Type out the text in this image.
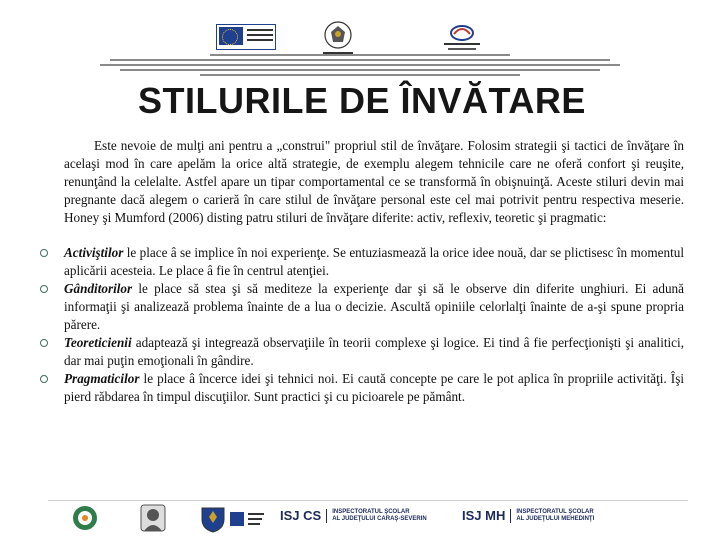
STILURILE DE ÎNVĂTARE

Este nevoie de mulţi ani pentru a „construi" propriul stil de învăţare. Folosim strategii şi tactici de învăţare în acelaşi mod în care apelăm la orice altă strategie, de exemplu alegem tehnicile care ne oferă confort şi reuşite, renunţând la celelalte. Astfel apare un tipar comportamental ce se transformă în obişnuinţă. Aceste stiluri devin mai pregnante dacă alegem o carieră în care stilul de învăţare personal este cel mai potrivit pentru respectiva meserie. Honey şi Mumford (2006) disting patru stiluri de învăţare diferite: activ, reflexiv, teoretic şi pragmatic:

Activiştilor le place â se implice în noi experienţe. Se entuziasmează la orice idee nouă, dar se plictisesc în momentul aplicării acesteia. Le place â fie în centrul atenţiei.
Gânditorilor le place să stea şi să mediteze la experienţe dar şi să le observe din diferite unghiuri. Ei adună informaţii şi analizează problema înainte de a lua o decizie. Ascultă opiniile celorlalţi înainte de a-şi spune propria părere.
Teoreticienii adaptează şi integrează observaţiile în teorii complexe şi logice. Ei tind â fie perfecţionişti şi analitici, dar mai puţin emoţionali în gândire.
Pragmaticilor le place â încerce idei şi tehnici noi. Ei caută concepte pe care le pot aplica în propriile activităţi. Îşi pierd răbdarea în timpul discuţiilor. Sunt practici şi cu picioarele pe pământ.
ISJ CS INSPECTORATUL ŞCOLAR
AL JUDEŢULUI CARAŞ-SEVERIN	ISJ MH INSPECTORATUL ŞCOLAR
AL JUDEŢULUI MEHEDINŢI
